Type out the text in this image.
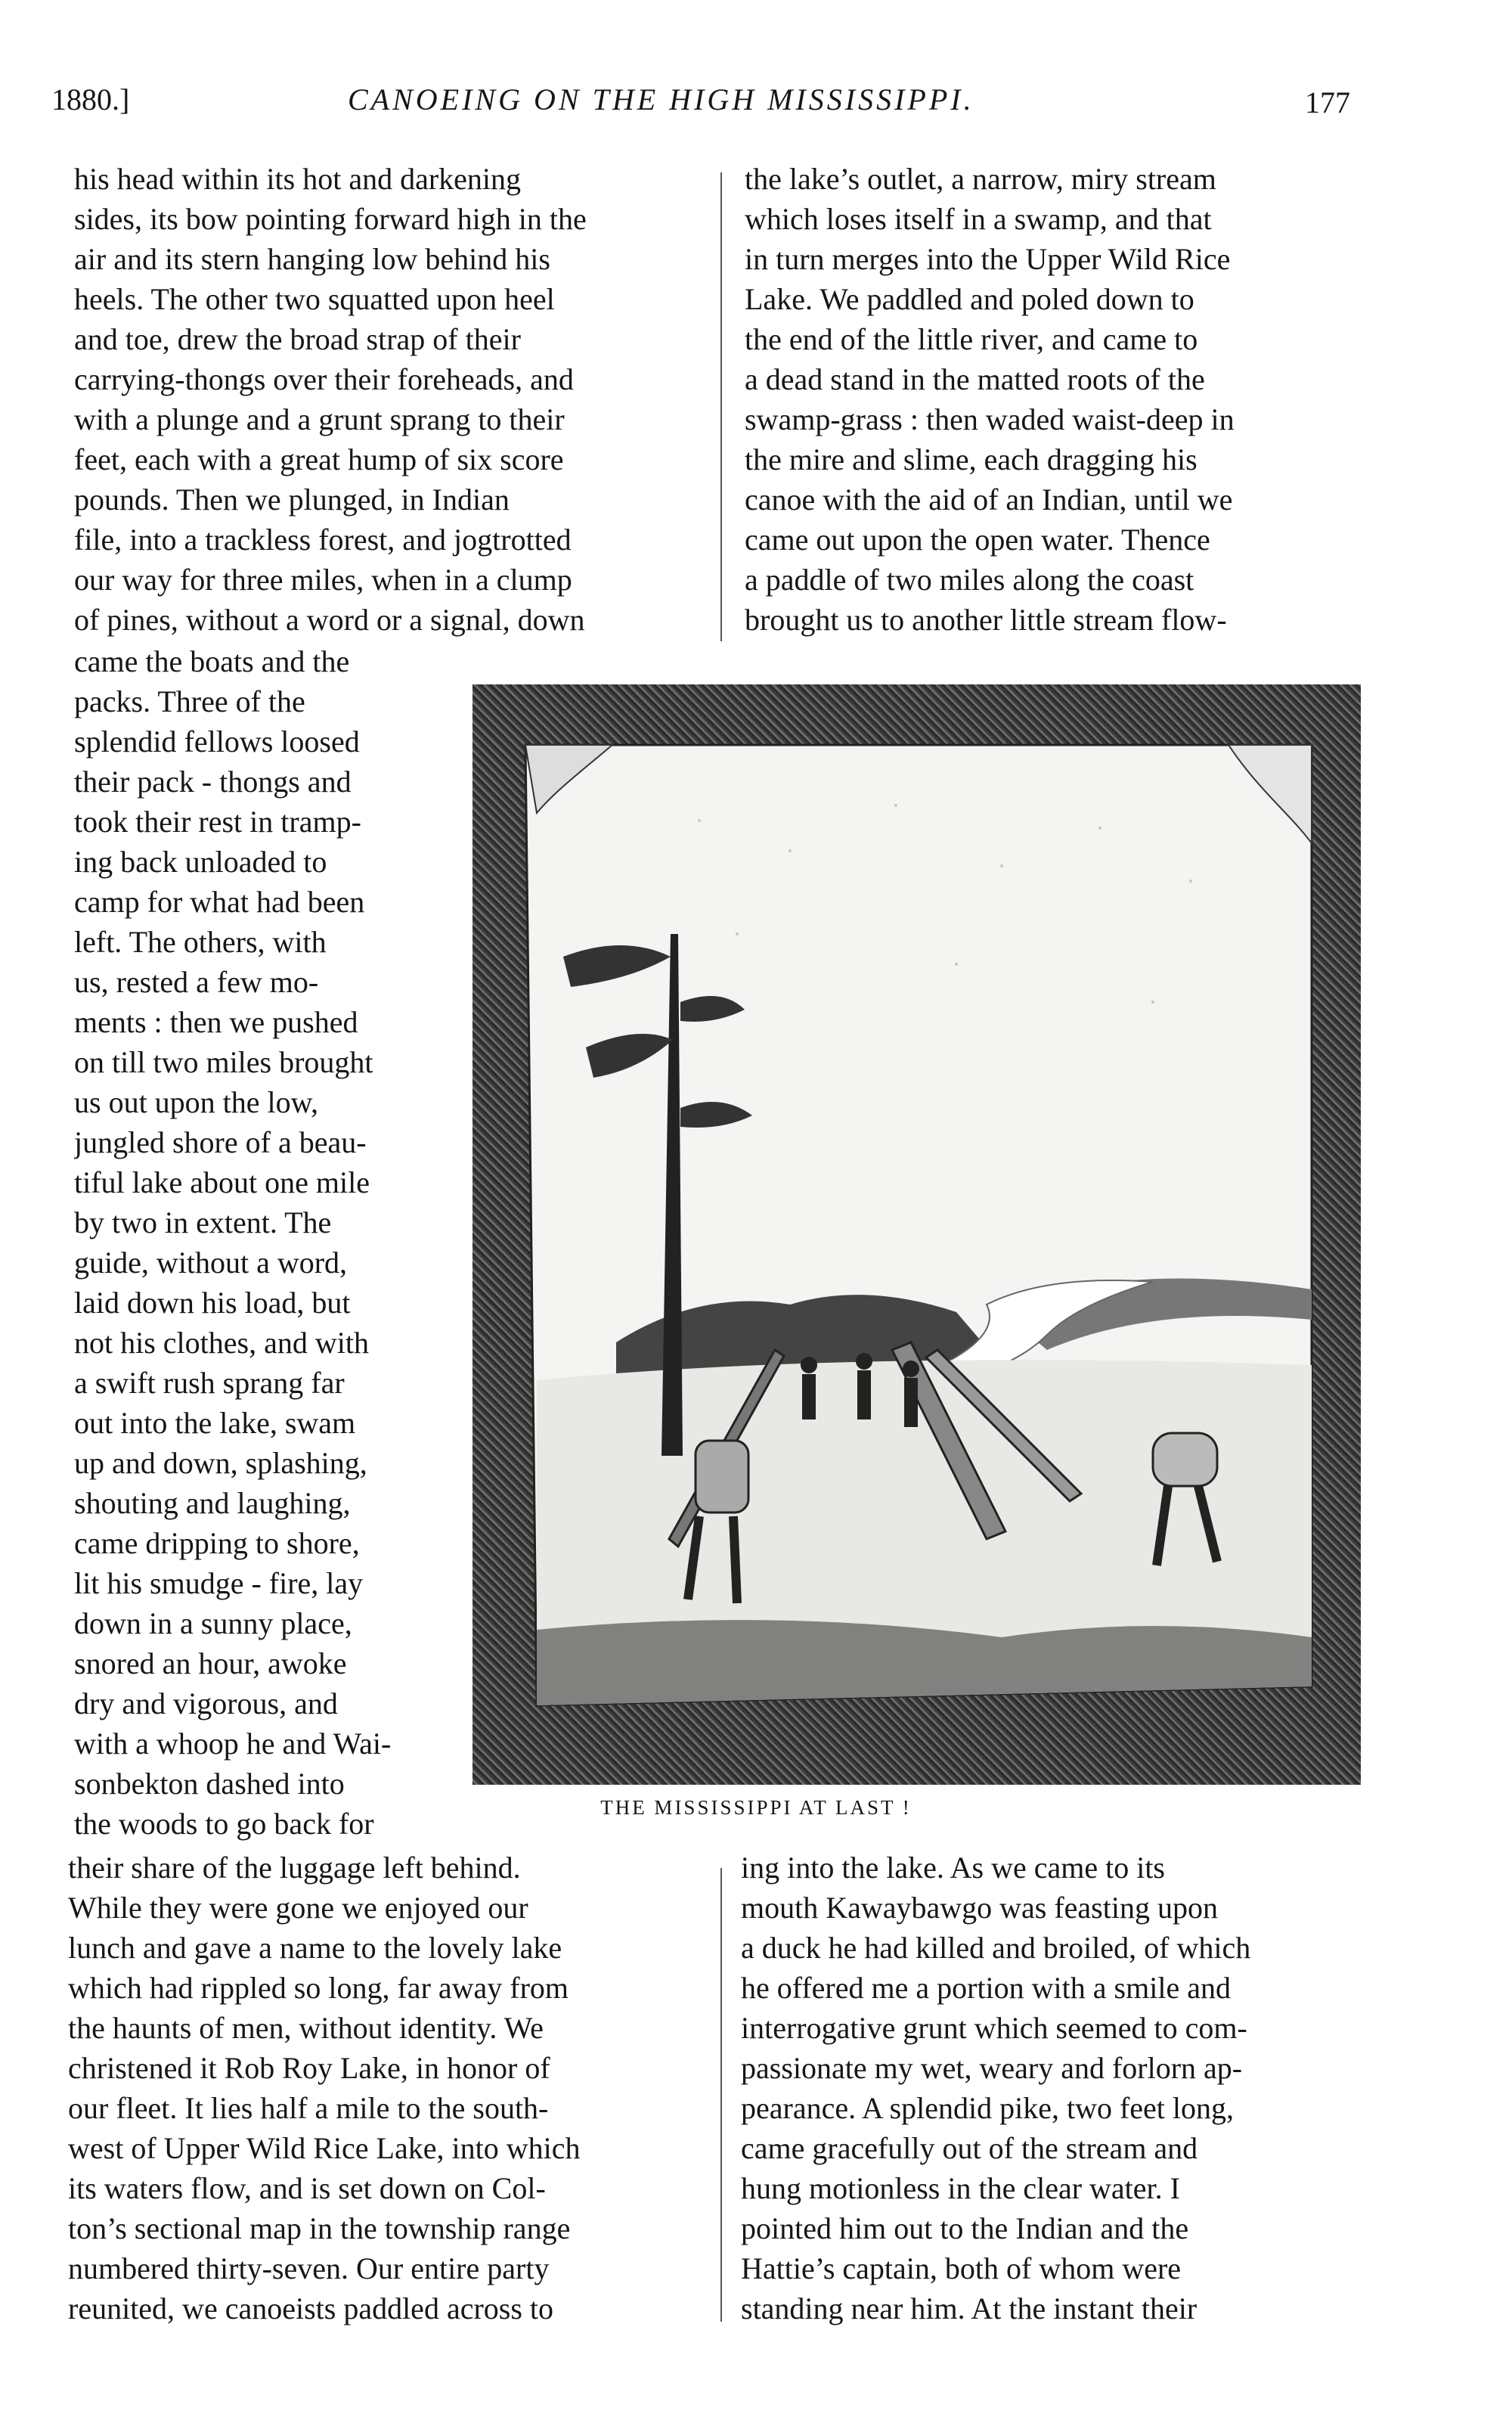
1880.]	CANOEING ON THE HIGH MISSISSIPPI.	177
his head within its hot and darkening
sides, its bow pointing forward high in the
air and its stern hanging low behind his
heels. The other two squatted upon heel
and toe, drew the broad strap of their
carrying-thongs over their foreheads, and
with a plunge and a grunt sprang to their
feet, each with a great hump of six score
pounds. Then we plunged, in Indian
file, into a trackless forest, and jogtrotted
our way for three miles, when in a clump
of pines, without a word or a signal, down
the lake’s outlet, a narrow, miry stream
which loses itself in a swamp, and that
in turn merges into the Upper Wild Rice
Lake. We paddled and poled down to
the end of the little river, and came to
a dead stand in the matted roots of the
swamp-grass : then waded waist-deep in
the mire and slime, each dragging his
canoe with the aid of an Indian, until we
came out upon the open water. Thence
a paddle of two miles along the coast
brought us to another little stream flow-
came the boats and the
packs. Three of the
splendid fellows loosed
their pack - thongs and
took their rest in tramp-
ing back unloaded to
camp for what had been
left. The others, with
us, rested a few mo-
ments : then we pushed
on till two miles brought
us out upon the low,
jungled shore of a beau-
tiful lake about one mile
by two in extent. The
guide, without a word,
laid down his load, but
not his clothes, and with
a swift rush sprang far
out into the lake, swam
up and down, splashing,
shouting and laughing,
came dripping to shore,
lit his smudge - fire, lay
down in a sunny place,
snored an hour, awoke
dry and vigorous, and
with a whoop he and Wai-
sonbekton dashed into
the woods to go back for	THE MISSISSIPPI AT LAST !
their share of the luggage left behind.
While they were gone we enjoyed our
lunch and gave a name to the lovely lake
which had rippled so long, far away from
the haunts of men, without identity. We
christened it Rob Roy Lake, in honor of
our fleet. It lies half a mile to the south-
west of Upper Wild Rice Lake, into which
its waters flow, and is set down on Col-
ton’s sectional map in the township range
numbered thirty-seven. Our entire party
reunited, we canoeists paddled across to
ing into the lake. As we came to its
mouth Kawaybawgo was feasting upon
a duck he had killed and broiled, of which
he offered me a portion with a smile and
interrogative grunt which seemed to com-
passionate my wet, weary and forlorn ap-
pearance. A splendid pike, two feet long,
came gracefully out of the stream and
hung motionless in the clear water. I
pointed him out to the Indian and the
Hattie’s captain, both of whom were
standing near him. At the instant their
